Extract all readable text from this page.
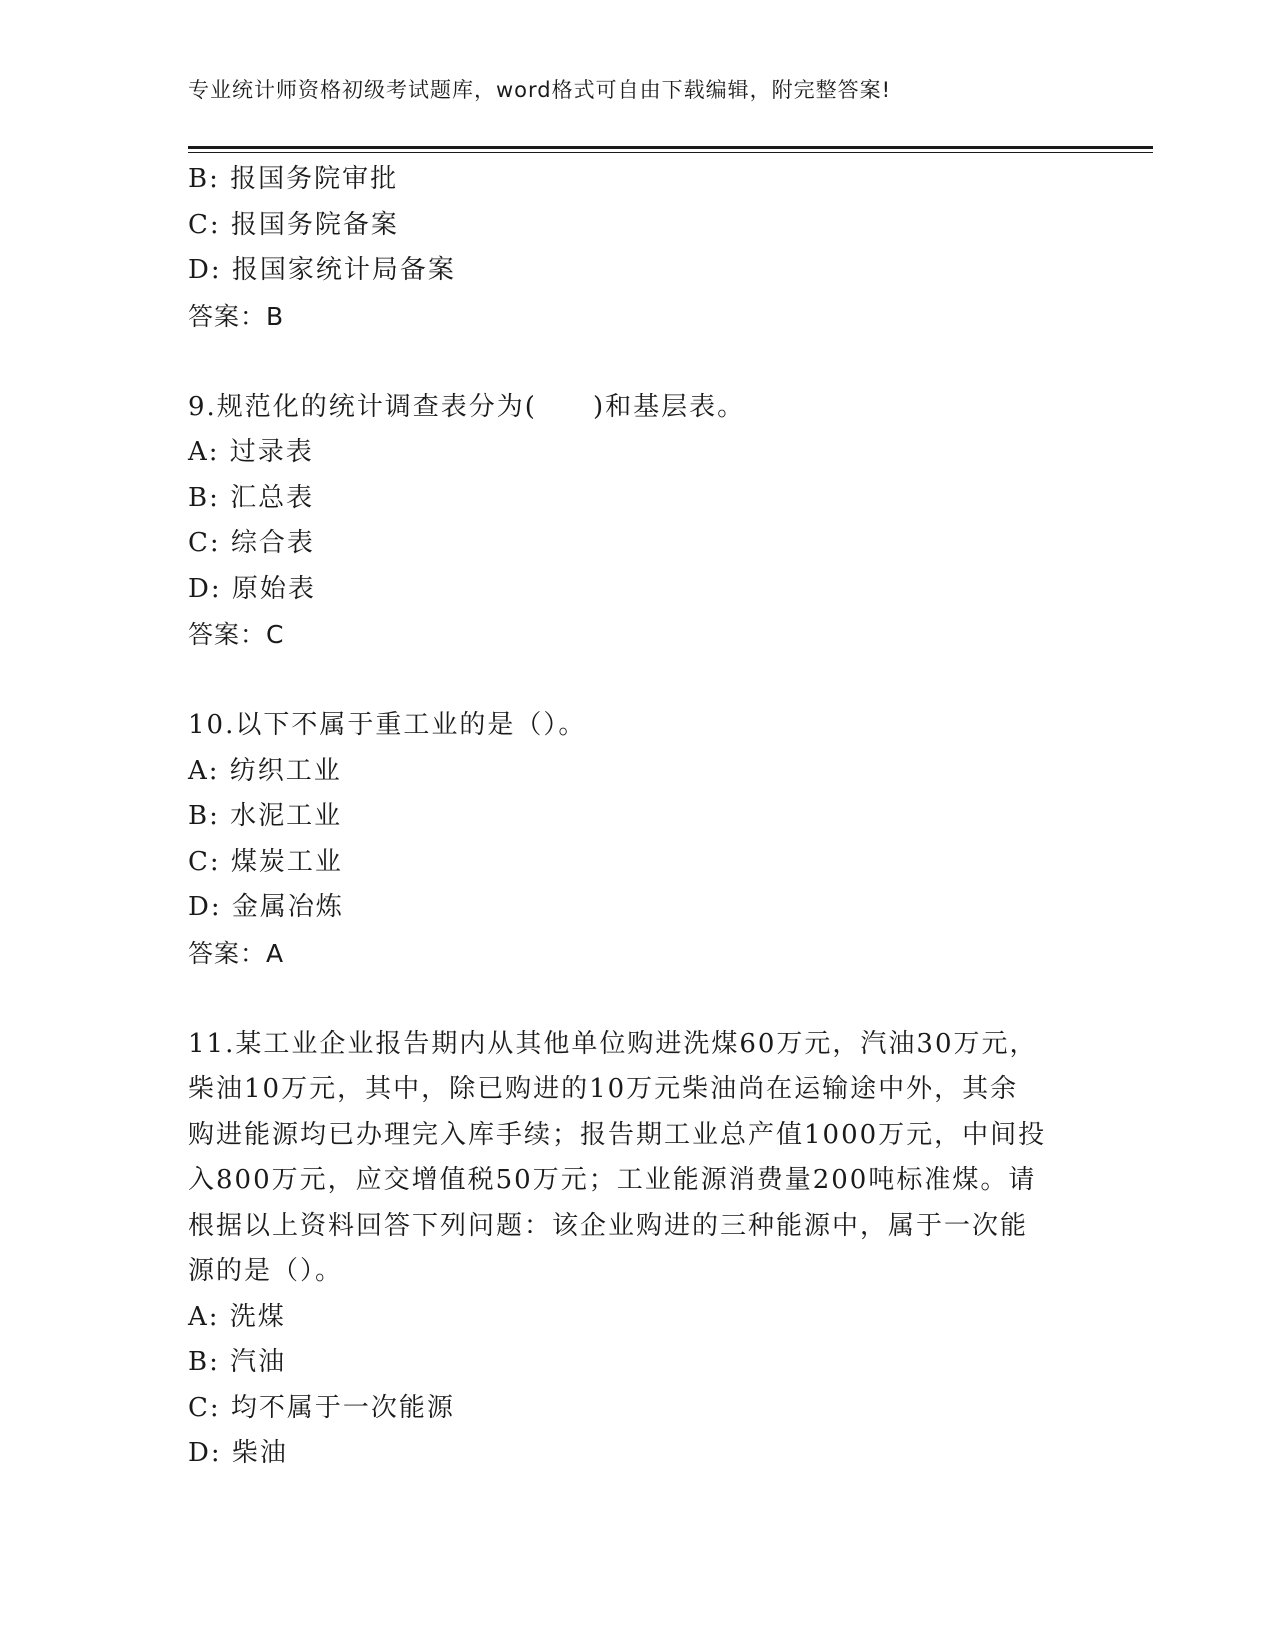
专业统计师资格初级考试题库，word格式可自由下载编辑，附完整答案!
B: 报国务院审批
C: 报国务院备案
D: 报国家统计局备案
答案：B
9.规范化的统计调查表分为(　　)和基层表。
A: 过录表
B: 汇总表
C: 综合表
D: 原始表
答案：C
10.以下不属于重工业的是（）。
A: 纺织工业
B: 水泥工业
C: 煤炭工业
D: 金属冶炼
答案：A
11.某工业企业报告期内从其他单位购进洗煤60万元，汽油30万元，
柴油10万元，其中，除已购进的10万元柴油尚在运输途中外，其余
购进能源均已办理完入库手续；报告期工业总产值1000万元，中间投
入800万元，应交增值税50万元；工业能源消费量200吨标准煤。请
根据以上资料回答下列问题：该企业购进的三种能源中，属于一次能
源的是（）。
A: 洗煤
B: 汽油
C: 均不属于一次能源
D: 柴油
